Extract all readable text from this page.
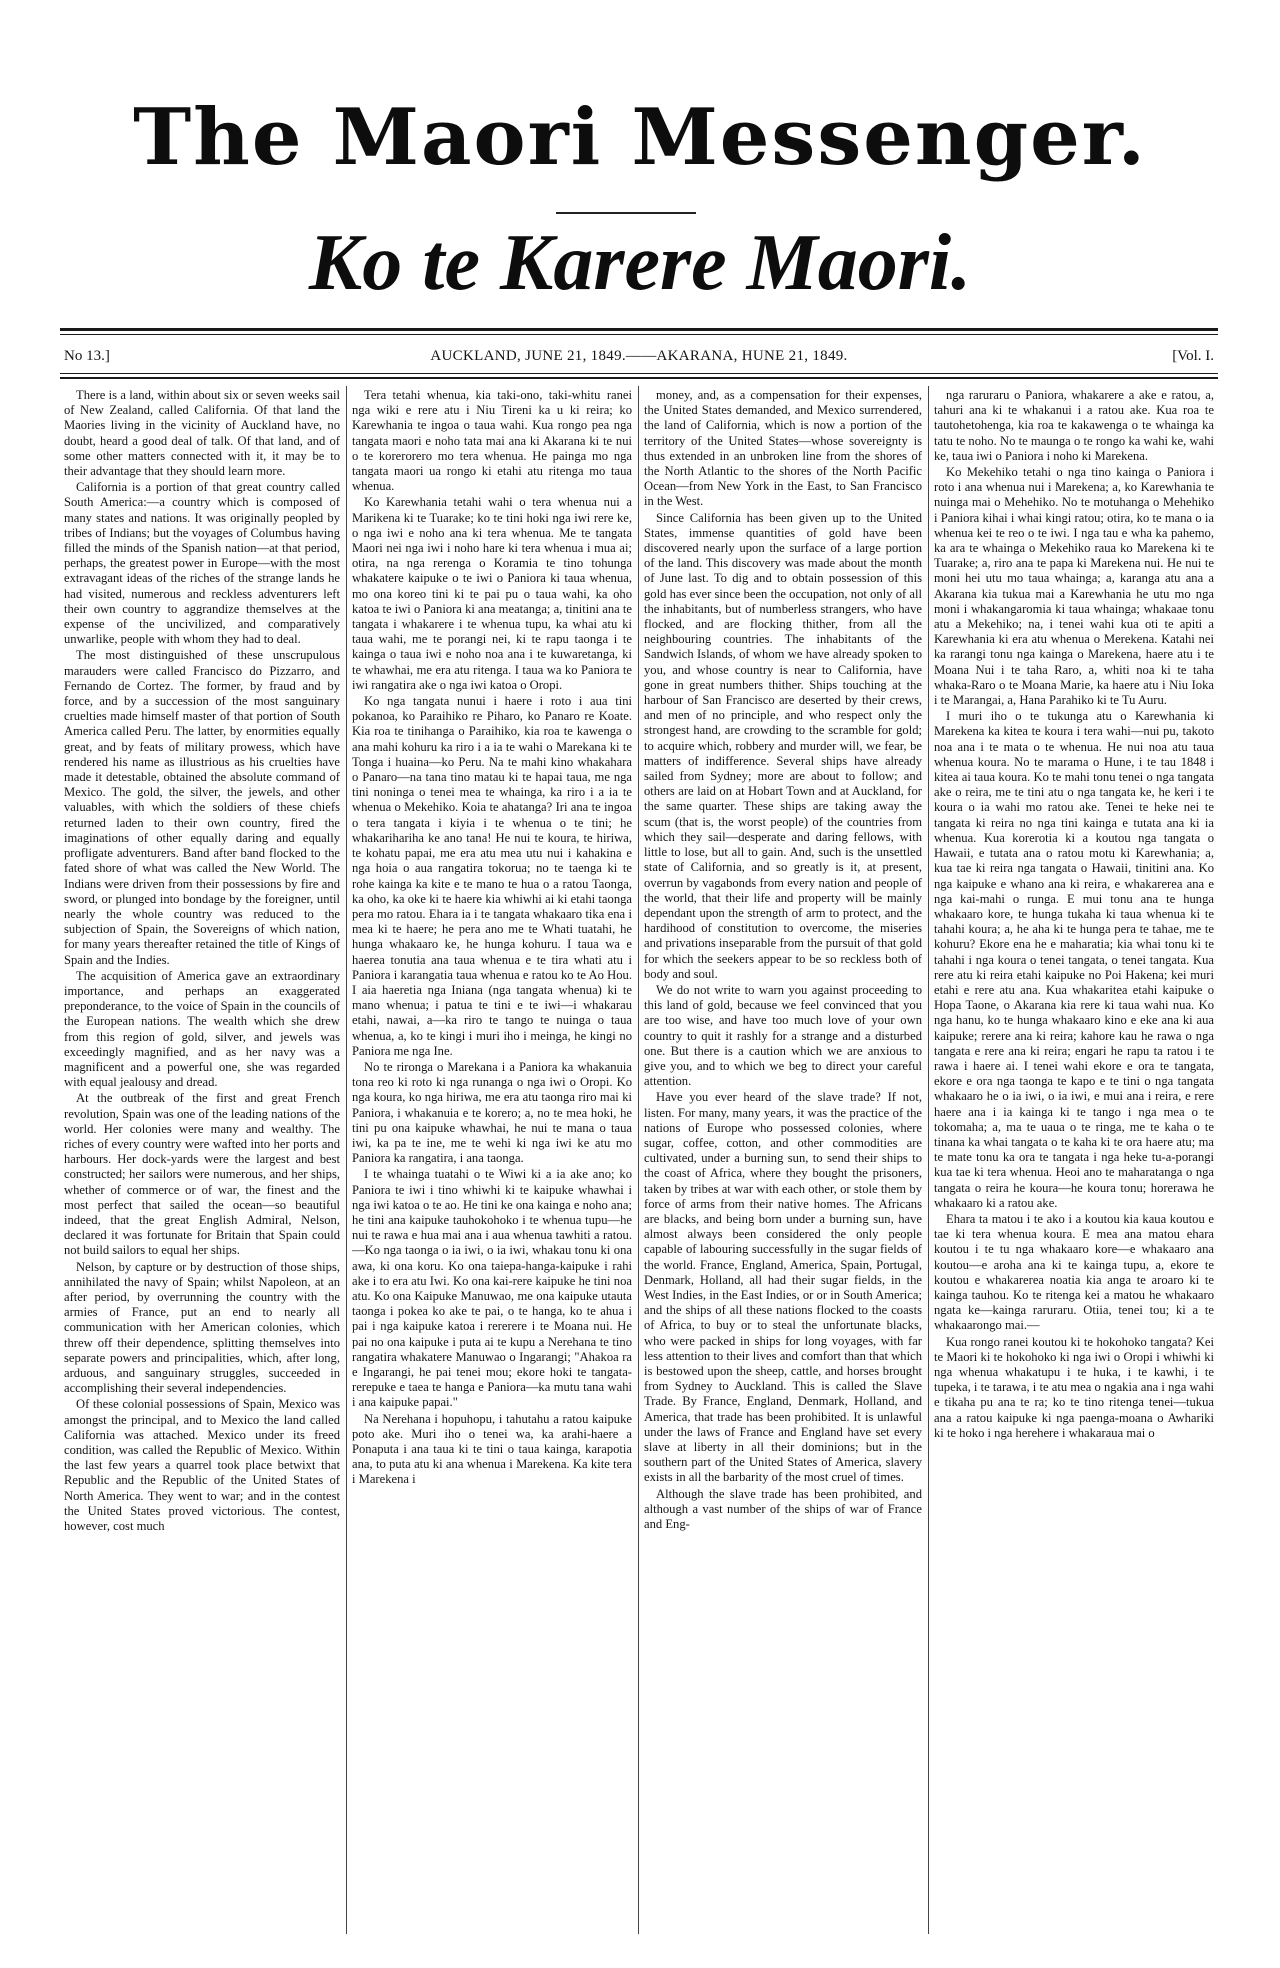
The Maori Messenger.
Ko te Karere Maori.
No 13.]	AUCKLAND, JUNE 21, 1849.——AKARANA, HUNE 21, 1849.	[Vol. I.

There is a land, within about six or seven weeks sail of New Zealand, called California. Of that land the Maories living in the vicinity of Auckland have, no doubt, heard a good deal of talk. Of that land, and of some other matters connected with it, it may be to their advantage that they should learn more.

California is a portion of that great country called South America:—a country which is composed of many states and nations. It was originally peopled by tribes of Indians; but the voyages of Columbus having filled the minds of the Spanish nation—at that period, perhaps, the greatest power in Europe—with the most extravagant ideas of the riches of the strange lands he had visited, numerous and reckless adventurers left their own country to aggrandize themselves at the expense of the uncivilized, and comparatively unwarlike, people with whom they had to deal.

The most distinguished of these unscrupulous marauders were called Francisco do Pizzarro, and Fernando de Cortez. The former, by fraud and by force, and by a succession of the most sanguinary cruelties made himself master of that portion of South America called Peru. The latter, by enormities equally great, and by feats of military prowess, which have rendered his name as illustrious as his cruelties have made it detestable, obtained the absolute command of Mexico. The gold, the silver, the jewels, and other valuables, with which the soldiers of these chiefs returned laden to their own country, fired the imaginations of other equally daring and equally profligate adventurers. Band after band flocked to the fated shore of what was called the New World. The Indians were driven from their possessions by fire and sword, or plunged into bondage by the foreigner, until nearly the whole country was reduced to the subjection of Spain, the Sovereigns of which nation, for many years thereafter retained the title of Kings of Spain and the Indies.

The acquisition of America gave an extraordinary importance, and perhaps an exaggerated preponderance, to the voice of Spain in the councils of the European nations. The wealth which she drew from this region of gold, silver, and jewels was exceedingly magnified, and as her navy was a magnificent and a powerful one, she was regarded with equal jealousy and dread.

At the outbreak of the first and great French revolution, Spain was one of the leading nations of the world. Her colonies were many and wealthy. The riches of every country were wafted into her ports and harbours. Her dock-yards were the largest and best constructed; her sailors were numerous, and her ships, whether of commerce or of war, the finest and the most perfect that sailed the ocean—so beautiful indeed, that the great English Admiral, Nelson, declared it was fortunate for Britain that Spain could not build sailors to equal her ships.

Nelson, by capture or by destruction of those ships, annihilated the navy of Spain; whilst Napoleon, at an after period, by overrunning the country with the armies of France, put an end to nearly all communication with her American colonies, which threw off their dependence, splitting themselves into separate powers and principalities, which, after long, arduous, and sanguinary struggles, succeeded in accomplishing their several independencies.

Of these colonial possessions of Spain, Mexico was amongst the principal, and to Mexico the land called California was attached. Mexico under its freed condition, was called the Republic of Mexico. Within the last few years a quarrel took place betwixt that Republic and the Republic of the United States of North America. They went to war; and in the contest the United States proved victorious. The contest, however, cost much

Tera tetahi whenua, kia taki-ono, taki-whitu ranei nga wiki e rere atu i Niu Tireni ka u ki reira; ko Karewhania te ingoa o taua wahi. Kua rongo pea nga tangata maori e noho tata mai ana ki Akarana ki te nui o te korerorero mo tera whenua. He painga mo nga tangata maori ua rongo ki etahi atu ritenga mo taua whenua.

Ko Karewhania tetahi wahi o tera whenua nui a Marikena ki te Tuarake; ko te tini hoki nga iwi rere ke, o nga iwi e noho ana ki tera whenua. Me te tangata Maori nei nga iwi i noho hare ki tera whenua i mua ai; otira, na nga rerenga o Koramia te tino tohunga whakatere kaipuke o te iwi o Paniora ki taua whenua, mo ona koreo tini ki te pai pu o taua wahi, ka oho katoa te iwi o Paniora ki ana meatanga; a, tinitini ana te tangata i whakarere i te whenua tupu, ka whai atu ki taua wahi, me te porangi nei, ki te rapu taonga i te kainga o taua iwi e noho noa ana i te kuwaretanga, ki te whawhai, me era atu ritenga. I taua wa ko Paniora te iwi rangatira ake o nga iwi katoa o Oropi.

Ko nga tangata nunui i haere i roto i aua tini pokanoa, ko Paraihiko re Piharo, ko Panaro re Koate. Kia roa te tinihanga o Paraihiko, kia roa te kawenga o ana mahi kohuru ka riro i a ia te wahi o Marekana ki te Tonga i huaina—ko Peru. Na te mahi kino whakahara o Panaro—na tana tino matau ki te hapai taua, me nga tini noninga o tenei mea te whainga, ka riro i a ia te whenua o Mekehiko. Koia te ahatanga? Iri ana te ingoa o tera tangata i kiyia i te whenua o te tini; he whakarihariha ke ano tana! He nui te koura, te hiriwa, te kohatu papai, me era atu mea utu nui i kahakina e nga hoia o aua rangatira tokorua; no te taenga ki te rohe kainga ka kite e te mano te hua o a ratou Taonga, ka oho, ka oke ki te haere kia whiwhi ai ki etahi taonga pera mo ratou. Ehara ia i te tangata whakaaro tika ena i mea ki te haere; he pera ano me te Whati tuatahi, he hunga whakaaro ke, he hunga kohuru. I taua wa e haerea tonutia ana taua whenua e te tira whati atu i Paniora i karangatia taua whenua e ratou ko te Ao Hou. I aia haeretia nga Iniana (nga tangata whenua) ki te mano whenua; i patua te tini e te iwi—i whakarau etahi, nawai, a—ka riro te tango te nuinga o taua whenua, a, ko te kingi i muri iho i meinga, he kingi no Paniora me nga Ine.

No te rironga o Marekana i a Paniora ka whakanuia tona reo ki roto ki nga runanga o nga iwi o Oropi. Ko nga koura, ko nga hiriwa, me era atu taonga riro mai ki Paniora, i whakanuia e te korero; a, no te mea hoki, he tini pu ona kaipuke whawhai, he nui te mana o taua iwi, ka pa te ine, me te wehi ki nga iwi ke atu mo Paniora ka rangatira, i ana taonga.

I te whainga tuatahi o te Wiwi ki a ia ake ano; ko Paniora te iwi i tino whiwhi ki te kaipuke whawhai i nga iwi katoa o te ao. He tini ke ona kainga e noho ana; he tini ana kaipuke tauhokohoko i te whenua tupu—he nui te rawa e hua mai ana i aua whenua tawhiti a ratou.—Ko nga taonga o ia iwi, o ia iwi, whakau tonu ki ona awa, ki ona koru. Ko ona taiepa-hanga-kaipuke i rahi ake i to era atu Iwi. Ko ona kai-rere kaipuke he tini noa atu. Ko ona Kaipuke Manuwao, me ona kaipuke utauta taonga i pokea ko ake te pai, o te hanga, ko te ahua i pai i nga kaipuke katoa i rererere i te Moana nui. He pai no ona kaipuke i puta ai te kupu a Nerehana te tino rangatira whakatere Manuwao o Ingarangi; "Ahakoa ra e Ingarangi, he pai tenei mou; ekore hoki te tangata-rerepuke e taea te hanga e Paniora—ka mutu tana wahi i ana kaipuke papai."

Na Nerehana i hopuhopu, i tahutahu a ratou kaipuke poto ake. Muri iho o tenei wa, ka arahi-haere a Ponaputa i ana taua ki te tini o taua kainga, karapotia ana, to puta atu ki ana whenua i Marekena. Ka kite tera i Marekena i

money, and, as a compensation for their expenses, the United States demanded, and Mexico surrendered, the land of California, which is now a portion of the territory of the United States—whose sovereignty is thus extended in an unbroken line from the shores of the North Atlantic to the shores of the North Pacific Ocean—from New York in the East, to San Francisco in the West.

Since California has been given up to the United States, immense quantities of gold have been discovered nearly upon the surface of a large portion of the land. This discovery was made about the month of June last. To dig and to obtain possession of this gold has ever since been the occupation, not only of all the inhabitants, but of numberless strangers, who have flocked, and are flocking thither, from all the neighbouring countries. The inhabitants of the Sandwich Islands, of whom we have already spoken to you, and whose country is near to California, have gone in great numbers thither. Ships touching at the harbour of San Francisco are deserted by their crews, and men of no principle, and who respect only the strongest hand, are crowding to the scramble for gold; to acquire which, robbery and murder will, we fear, be matters of indifference. Several ships have already sailed from Sydney; more are about to follow; and others are laid on at Hobart Town and at Auckland, for the same quarter. These ships are taking away the scum (that is, the worst people) of the countries from which they sail—desperate and daring fellows, with little to lose, but all to gain. And, such is the unsettled state of California, and so greatly is it, at present, overrun by vagabonds from every nation and people of the world, that their life and property will be mainly dependant upon the strength of arm to protect, and the hardihood of constitution to overcome, the miseries and privations inseparable from the pursuit of that gold for which the seekers appear to be so reckless both of body and soul.

We do not write to warn you against proceeding to this land of gold, because we feel convinced that you are too wise, and have too much love of your own country to quit it rashly for a strange and a disturbed one. But there is a caution which we are anxious to give you, and to which we beg to direct your careful attention.

Have you ever heard of the slave trade? If not, listen. For many, many years, it was the practice of the nations of Europe who possessed colonies, where sugar, coffee, cotton, and other commodities are cultivated, under a burning sun, to send their ships to the coast of Africa, where they bought the prisoners, taken by tribes at war with each other, or stole them by force of arms from their native homes. The Africans are blacks, and being born under a burning sun, have almost always been considered the only people capable of labouring successfully in the sugar fields of the world. France, England, America, Spain, Portugal, Denmark, Holland, all had their sugar fields, in the West Indies, in the East Indies, or or in South America; and the ships of all these nations flocked to the coasts of Africa, to buy or to steal the unfortunate blacks, who were packed in ships for long voyages, with far less attention to their lives and comfort than that which is bestowed upon the sheep, cattle, and horses brought from Sydney to Auckland. This is called the Slave Trade. By France, England, Denmark, Holland, and America, that trade has been prohibited. It is unlawful under the laws of France and England have set every slave at liberty in all their dominions; but in the southern part of the United States of America, slavery exists in all the barbarity of the most cruel of times.

Although the slave trade has been prohibited, and although a vast number of the ships of war of France and Eng-

nga raruraru o Paniora, whakarere a ake e ratou, a, tahuri ana ki te whakanui i a ratou ake. Kua roa te tautohetohenga, kia roa te kakawenga o te whainga ka tatu te noho. No te maunga o te rongo ka wahi ke, wahi ke, taua iwi o Paniora i noho ki Marekena.

Ko Mekehiko tetahi o nga tino kainga o Paniora i roto i ana whenua nui i Marekena; a, ko Karewhania te nuinga mai o Mehehiko. No te motuhanga o Mehehiko i Paniora kihai i whai kingi ratou; otira, ko te mana o ia whenua kei te reo o te iwi. I nga tau e wha ka pahemo, ka ara te whainga o Mekehiko raua ko Marekena ki te Tuarake; a, riro ana te papa ki Marekena nui. He nui te moni hei utu mo taua whainga; a, karanga atu ana a Akarana kia tukua mai a Karewhania he utu mo nga moni i whakangaromia ki taua whainga; whakaae tonu atu a Mekehiko; na, i tenei wahi kua oti te apiti a Karewhania ki era atu whenua o Merekena. Katahi nei ka rarangi tonu nga kainga o Marekena, haere atu i te Moana Nui i te taha Raro, a, whiti noa ki te taha whaka-Raro o te Moana Marie, ka haere atu i Niu Ioka i te Marangai, a, Hana Parahiko ki te Tu Auru.

I muri iho o te tukunga atu o Karewhania ki Marekena ka kitea te koura i tera wahi—nui pu, takoto noa ana i te mata o te whenua. He nui noa atu taua whenua koura. No te marama o Hune, i te tau 1848 i kitea ai taua koura. Ko te mahi tonu tenei o nga tangata ake o reira, me te tini atu o nga tangata ke, he keri i te koura o ia wahi mo ratou ake. Tenei te heke nei te tangata ki reira no nga tini kainga e tutata ana ki ia whenua. Kua korerotia ki a koutou nga tangata o Hawaii, e tutata ana o ratou motu ki Karewhania; a, kua tae ki reira nga tangata o Hawaii, tinitini ana. Ko nga kaipuke e whano ana ki reira, e whakarerea ana e nga kai-mahi o runga. E mui tonu ana te hunga whakaaro kore, te hunga tukaha ki taua whenua ki te tahahi koura; a, he aha ki te hunga pera te tahae, me te kohuru? Ekore ena he e maharatia; kia whai tonu ki te tahahi i nga koura o tenei tangata, o tenei tangata. Kua rere atu ki reira etahi kaipuke no Poi Hakena; kei muri etahi e rere atu ana. Kua whakaritea etahi kaipuke o Hopa Taone, o Akarana kia rere ki taua wahi nua. Ko nga hanu, ko te hunga whakaaro kino e eke ana ki aua kaipuke; rerere ana ki reira; kahore kau he rawa o nga tangata e rere ana ki reira; engari he rapu ta ratou i te rawa i haere ai. I tenei wahi ekore e ora te tangata, ekore e ora nga taonga te kapo e te tini o nga tangata whakaaro he o ia iwi, o ia iwi, e mui ana i reira, e rere haere ana i ia kainga ki te tango i nga mea o te tokomaha; a, ma te uaua o te ringa, me te kaha o te tinana ka whai tangata o te kaha ki te ora haere atu; ma te mate tonu ka ora te tangata i nga heke tu-a-porangi kua tae ki tera whenua. Heoi ano te maharatanga o nga tangata o reira he koura—he koura tonu; horerawa he whakaaro ki a ratou ake.

Ehara ta matou i te ako i a koutou kia kaua koutou e tae ki tera whenua koura. E mea ana matou ehara koutou i te tu nga whakaaro kore—e whakaaro ana koutou—e aroha ana ki te kainga tupu, a, ekore te koutou e whakarerea noatia kia anga te aroaro ki te kainga tauhou. Ko te ritenga kei a matou he whakaaro ngata ke—kainga raruraru. Otiia, tenei tou; ki a te whakaarongo mai.—

Kua rongo ranei koutou ki te hokohoko tangata? Kei te Maori ki te hokohoko ki nga iwi o Oropi i whiwhi ki nga whenua whakatupu i te huka, i te kawhi, i te tupeka, i te tarawa, i te atu mea o ngakia ana i nga wahi e tikaha pu ana te ra; ko te tino ritenga tenei—tukua ana a ratou kaipuke ki nga paenga-moana o Awhariki ki te hoko i nga herehere i whakaraua mai o
